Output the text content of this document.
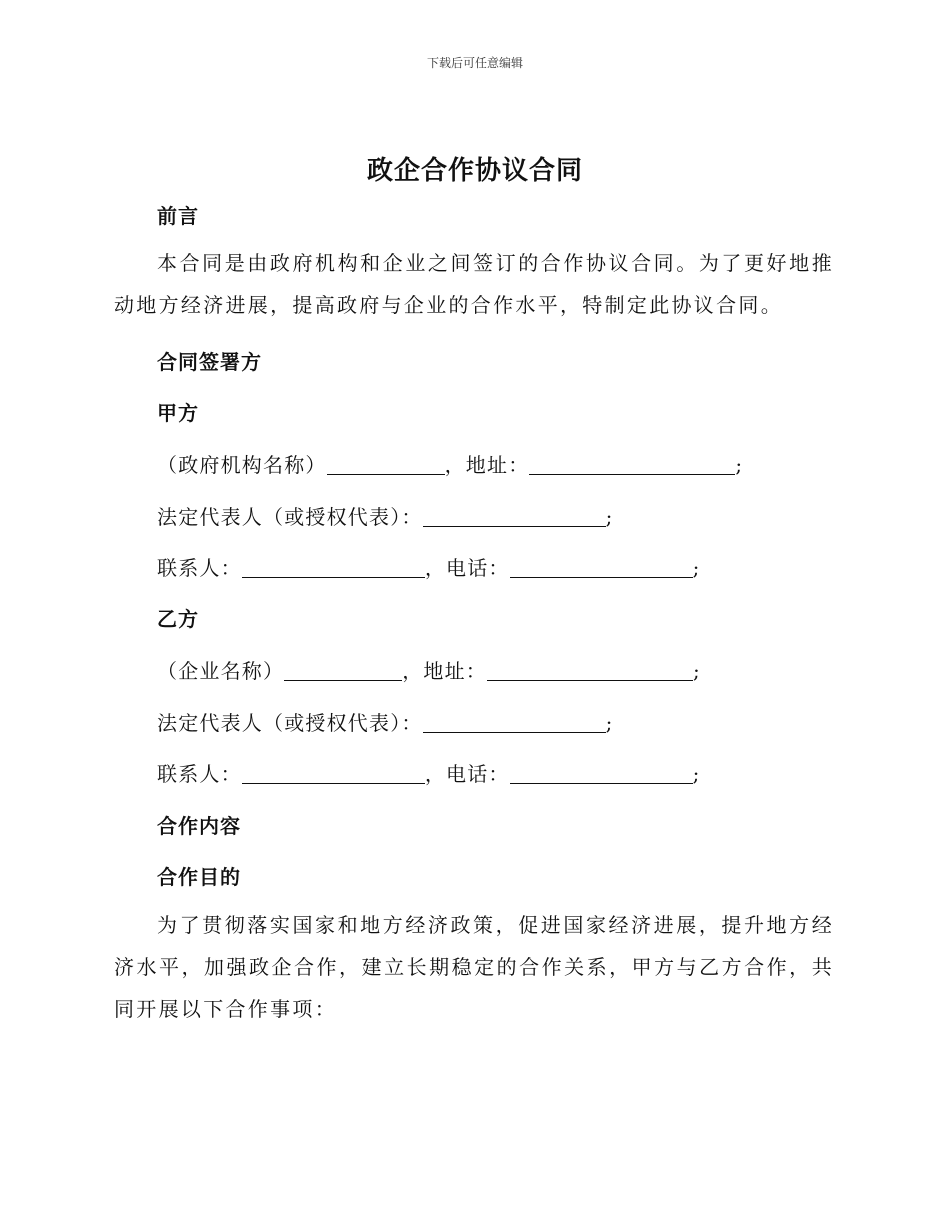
下载后可任意编辑
政企合作协议合同
前言
本合同是由政府机构和企业之间签订的合作协议合同。为了更好地推动地方经济进展，提高政府与企业的合作水平，特制定此协议合同。
合同签署方
甲方
（政府机构名称）	，地址：	;
法定代表人（或授权代表）：	;
联系人：	，电话：	;
乙方
（企业名称）	，地址：	;
法定代表人（或授权代表）：	;
联系人：	，电话：	;
合作内容
合作目的
为了贯彻落实国家和地方经济政策，促进国家经济进展，提升地方经济水平，加强政企合作，建立长期稳定的合作关系，甲方与乙方合作，共同开展以下合作事项：
